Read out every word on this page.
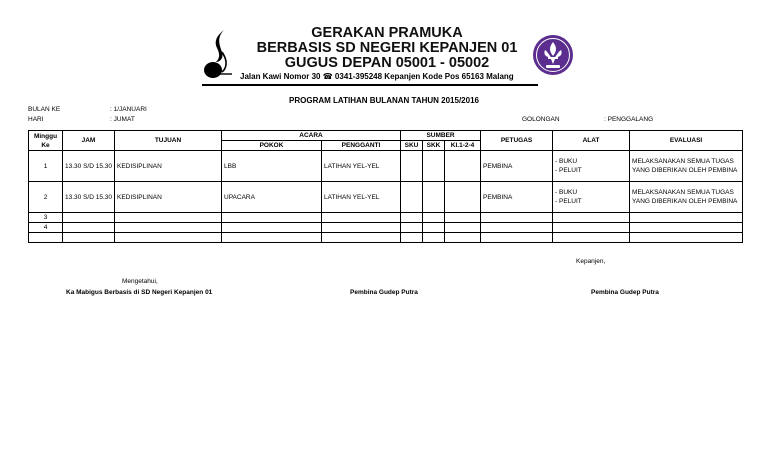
GERAKAN PRAMUKA
BERBASIS SD NEGERI KEPANJEN 01
GUGUS DEPAN 05001 - 05002
Jalan Kawi Nomor 30 ☎ 0341-395248 Kepanjen Kode Pos 65163 Malang
PROGRAM LATIHAN BULANAN TAHUN 2015/2016
BULAN KE	: 1/JANUARI
HARI	: JUMAT	GOLONGAN	: PENGGALANG
Minggu Ke	JAM	TUJUAN	ACARA		SUMBER			PETUGAS	ALAT	EVALUASI
			POKOK	PENGGANTI	SKU	SKK	KI.1-2-4			
1	13.30 S/D 15.30	KEDISIPLINAN	LBB	LATIHAN YEL-YEL				PEMBINA	- BUKU
- PELUIT	MELAKSANAKAN SEMUA TUGAS YANG DIBERIKAN OLEH PEMBINA
2	13.30 S/D 15.30	KEDISIPLINAN	UPACARA	LATIHAN YEL-YEL				PEMBINA	- BUKU
- PELUIT	MELAKSANAKAN SEMUA TUGAS YANG DIBERIKAN OLEH PEMBINA
3										
4										

Kepanjen,
Mengetahui,
Ka Mabigus Berbasis di SD Negeri Kepanjen 01	Pembina Gudep Putra	Pembina Gudep Putra
